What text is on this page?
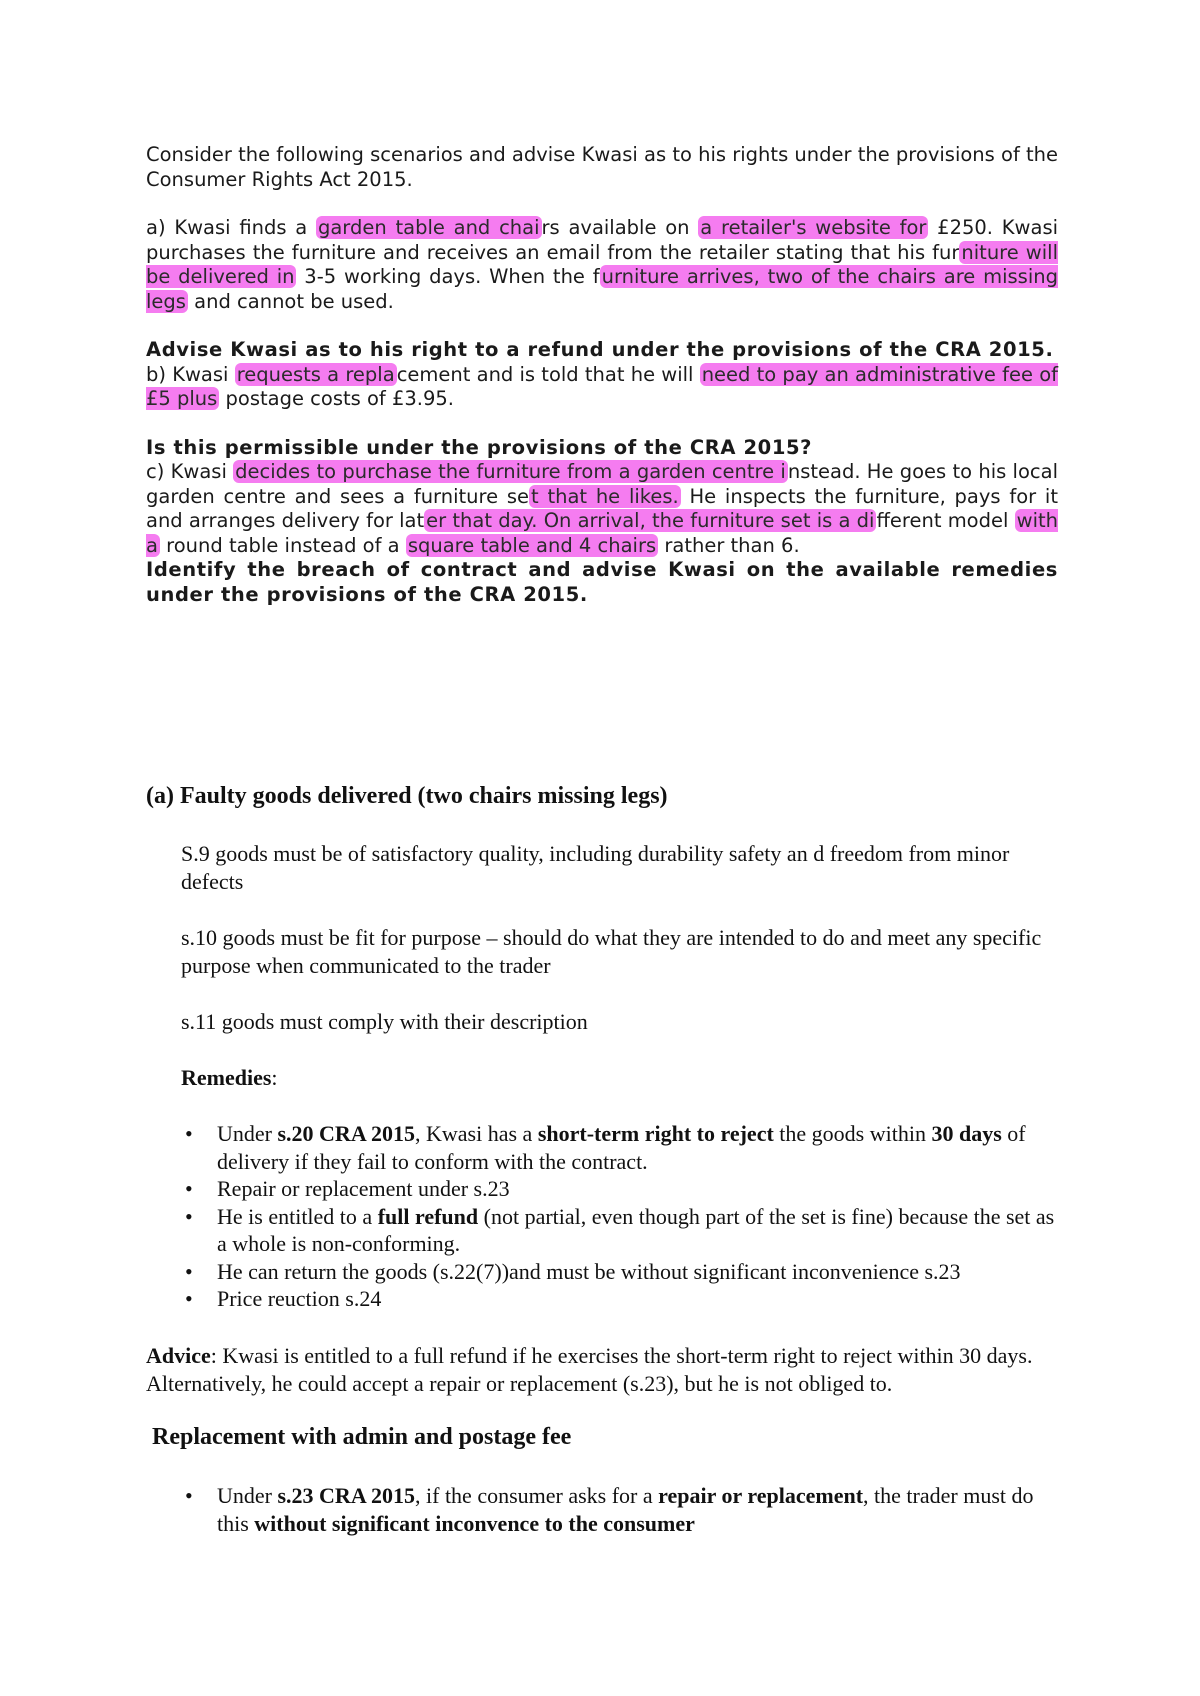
Consider the following scenarios and advise Kwasi as to his rights under the provisions of the Consumer Rights Act 2015.

a) Kwasi finds a garden table and chai rs available on a retailer's website for £250. Kwasi purchases the furniture and receives an email from the retailer stating that his fur niture will be delivered in 3-5 working days. When the f urniture arrives, two of the chairs are missing legs and cannot be used.

Advise Kwasi as to his right to a refund under the provisions of the CRA 2015.

b) Kwasi requests a repla cement and is told that he will need to pay an administrative fee of £5 plus postage costs of £3.95.

Is this permissible under the provisions of the CRA 2015?

c) Kwasi decides to purchase the furniture from a garden centre i nstead. He goes to his local garden centre and sees a furniture se t that he likes. He inspects the furniture, pays for it and arranges delivery for lat er that day. On arrival, the furniture set is a di fferent model with a round table instead of a square table and 4 chairs rather than 6.

Identify the breach of contract and advise Kwasi on the available remedies under the provisions of the CRA 2015.

(a) Faulty goods delivered (two chairs missing legs)

S.9 goods must be of satisfactory quality, including durability safety an d freedom from minor defects

s.10 goods must be fit for purpose – should do what they are intended to do and meet any specific purpose when communicated to the trader

s.11 goods must comply with their description

Remedies:

• Under s.20 CRA 2015, Kwasi has a short-term right to reject the goods within 30 days of delivery if they fail to conform with the contract.
• Repair or replacement under s.23
• He is entitled to a full refund (not partial, even though part of the set is fine) because the set as a whole is non-conforming.
• He can return the goods (s.22(7))and must be without significant inconvenience s.23
• Price reuction s.24

Advice: Kwasi is entitled to a full refund if he exercises the short-term right to reject within 30 days. Alternatively, he could accept a repair or replacement (s.23), but he is not obliged to.

Replacement with admin and postage fee
• Under s.23 CRA 2015, if the consumer asks for a repair or replacement, the trader must do this without significant inconvence to the consumer
